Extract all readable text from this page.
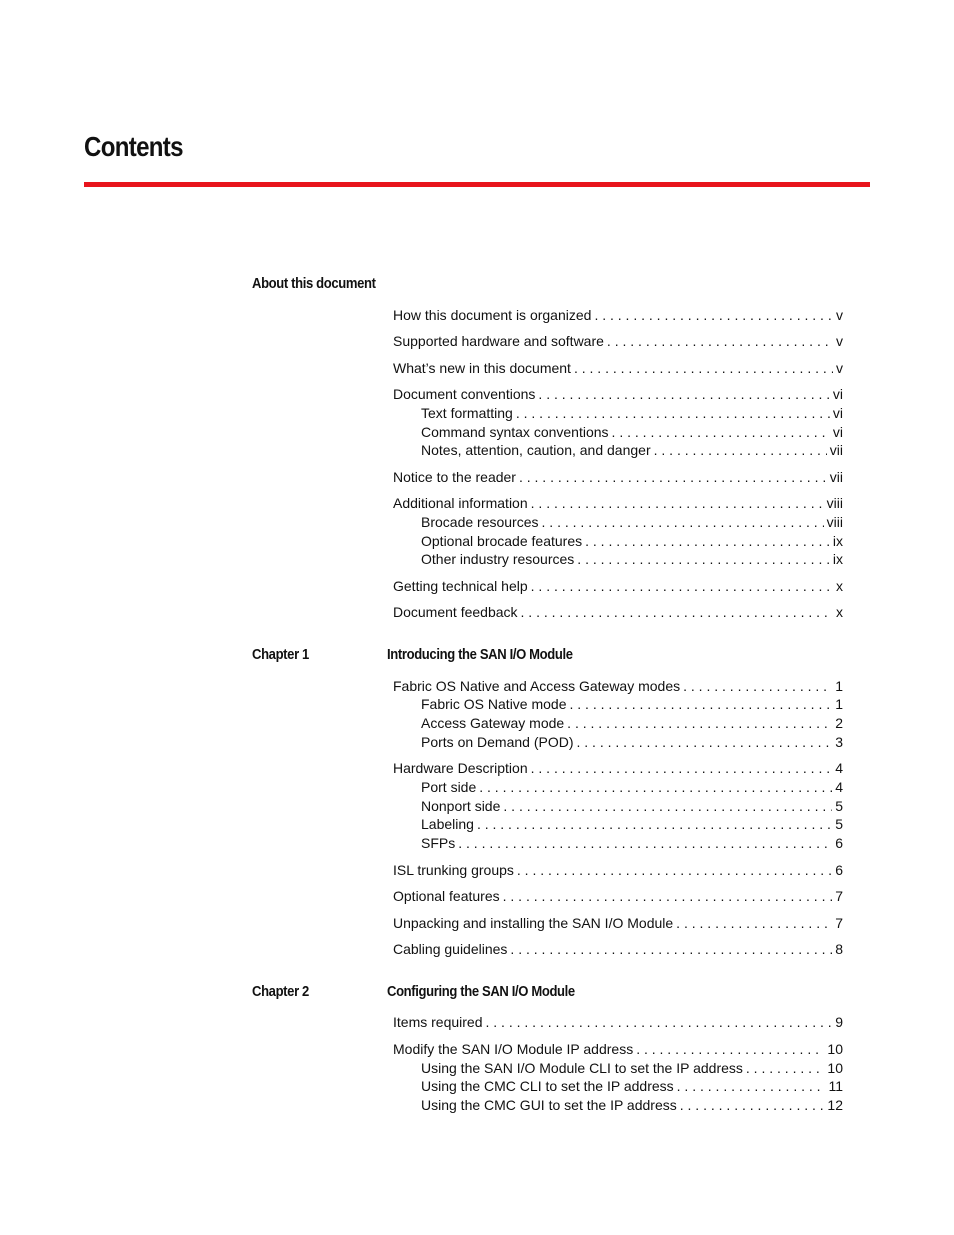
Contents
About this document
How this document is organized . . .	v
Supported hardware and software . . .	v
What’s new in this document . . .	v
Document conventions . . .	vi
Text formatting . . .	vi
Command syntax conventions . . .	vi
Notes, attention, caution, and danger . . .	vii
Notice to the reader . . .	vii
Additional information . . .	viii
Brocade resources . . .	viii
Optional brocade features . . .	ix
Other industry resources . . .	ix
Getting technical help . . .	x
Document feedback . . .	x
Chapter 1	Introducing the SAN I/O Module
Fabric OS Native and Access Gateway modes . . .	1
Fabric OS Native mode . . .	1
Access Gateway mode . . .	2
Ports on Demand (POD) . . .	3
Hardware Description . . .	4
Port side . . .	4
Nonport side . . .	5
Labeling . . .	5
SFPs . . .	6
ISL trunking groups . . .	6
Optional features . . .	7
Unpacking and installing the SAN I/O Module . . .	7
Cabling guidelines . . .	8
Chapter 2	Configuring the SAN I/O Module
Items required . . .	9
Modify the SAN I/O Module IP address . . .	10
Using the SAN I/O Module CLI to set the IP address . . .	10
Using the CMC CLI to set the IP address . . .	11
Using the CMC GUI to set the IP address . . .	12
